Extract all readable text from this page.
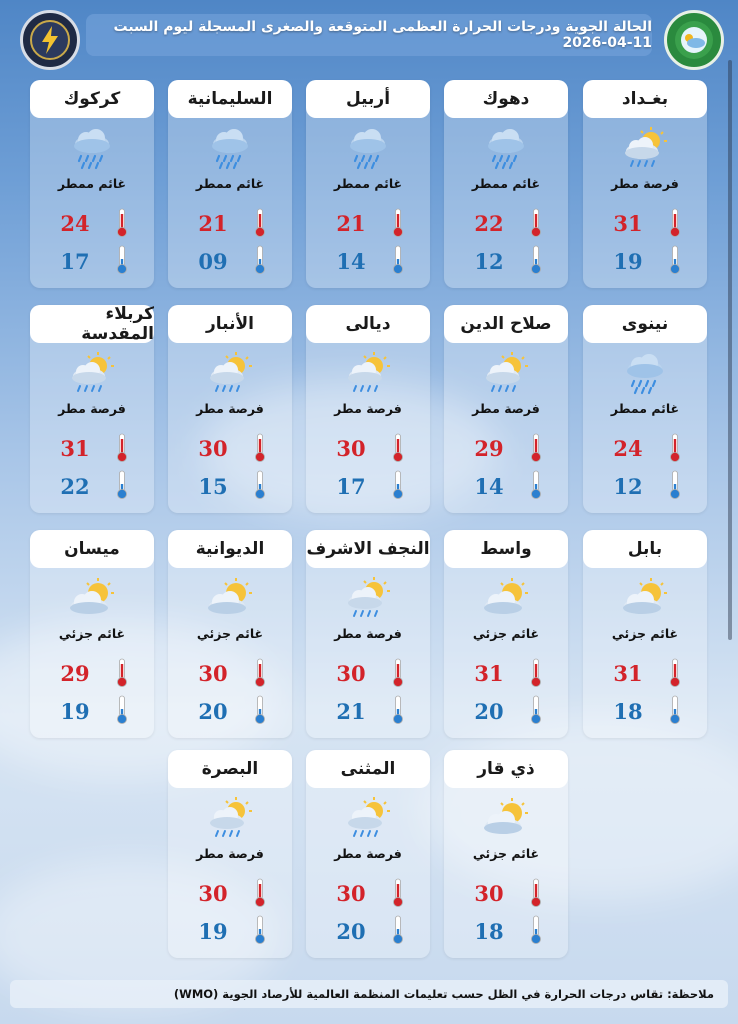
الحالة الجوية ودرجات الحرارة العظمى المتوقعة والصغرى المسجلة ليوم السبت 11-04-2026
بغـداد
فرصة مطر
31
19
دهوك
غائم ممطر
22
12
أربيل
غائم ممطر
21
14
السليمانية
غائم ممطر
21
09
كركوك
غائم ممطر
24
17
نينوى
غائم ممطر
24
12
صلاح الدين
فرصة مطر
29
14
ديالى
فرصة مطر
30
17
الأنبار
فرصة مطر
30
15
كربلاء المقدسة
فرصة مطر
31
22
بابل
غائم جزئي
31
18
واسط
غائم جزئي
31
20
النجف الاشرف
فرصة مطر
30
21
الديوانية
غائم جزئي
30
20
ميسان
غائم جزئي
29
19
ذي قار
غائم جزئي
30
18
المثنى
فرصة مطر
30
20
البصرة
فرصة مطر
30
19
ملاحظة: تقاس درجات الحرارة في الظل حسب تعليمات المنظمة العالمية للأرصاد الجوية (WMO)
